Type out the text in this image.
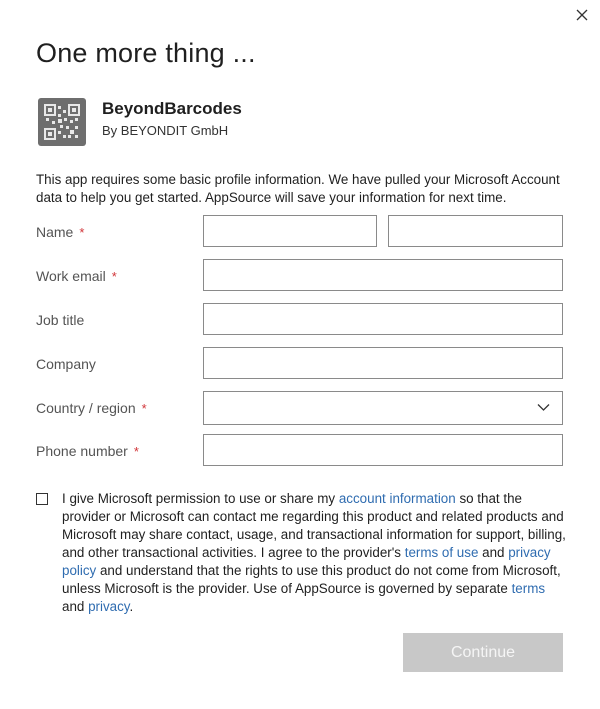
One more thing ...
BeyondBarcodes
By BEYONDIT GmbH
This app requires some basic profile information. We have pulled your Microsoft Account data to help you get started. AppSource will save your information for next time.
Name *
Work email *
Job title
Company
Country / region *
Phone number *
I give Microsoft permission to use or share my account information so that the provider or Microsoft can contact me regarding this product and related products and Microsoft may share contact, usage, and transactional information for support, billing, and other transactional activities. I agree to the provider's terms of use and privacy policy and understand that the rights to use this product do not come from Microsoft, unless Microsoft is the provider. Use of AppSource is governed by separate terms and privacy.
Continue
